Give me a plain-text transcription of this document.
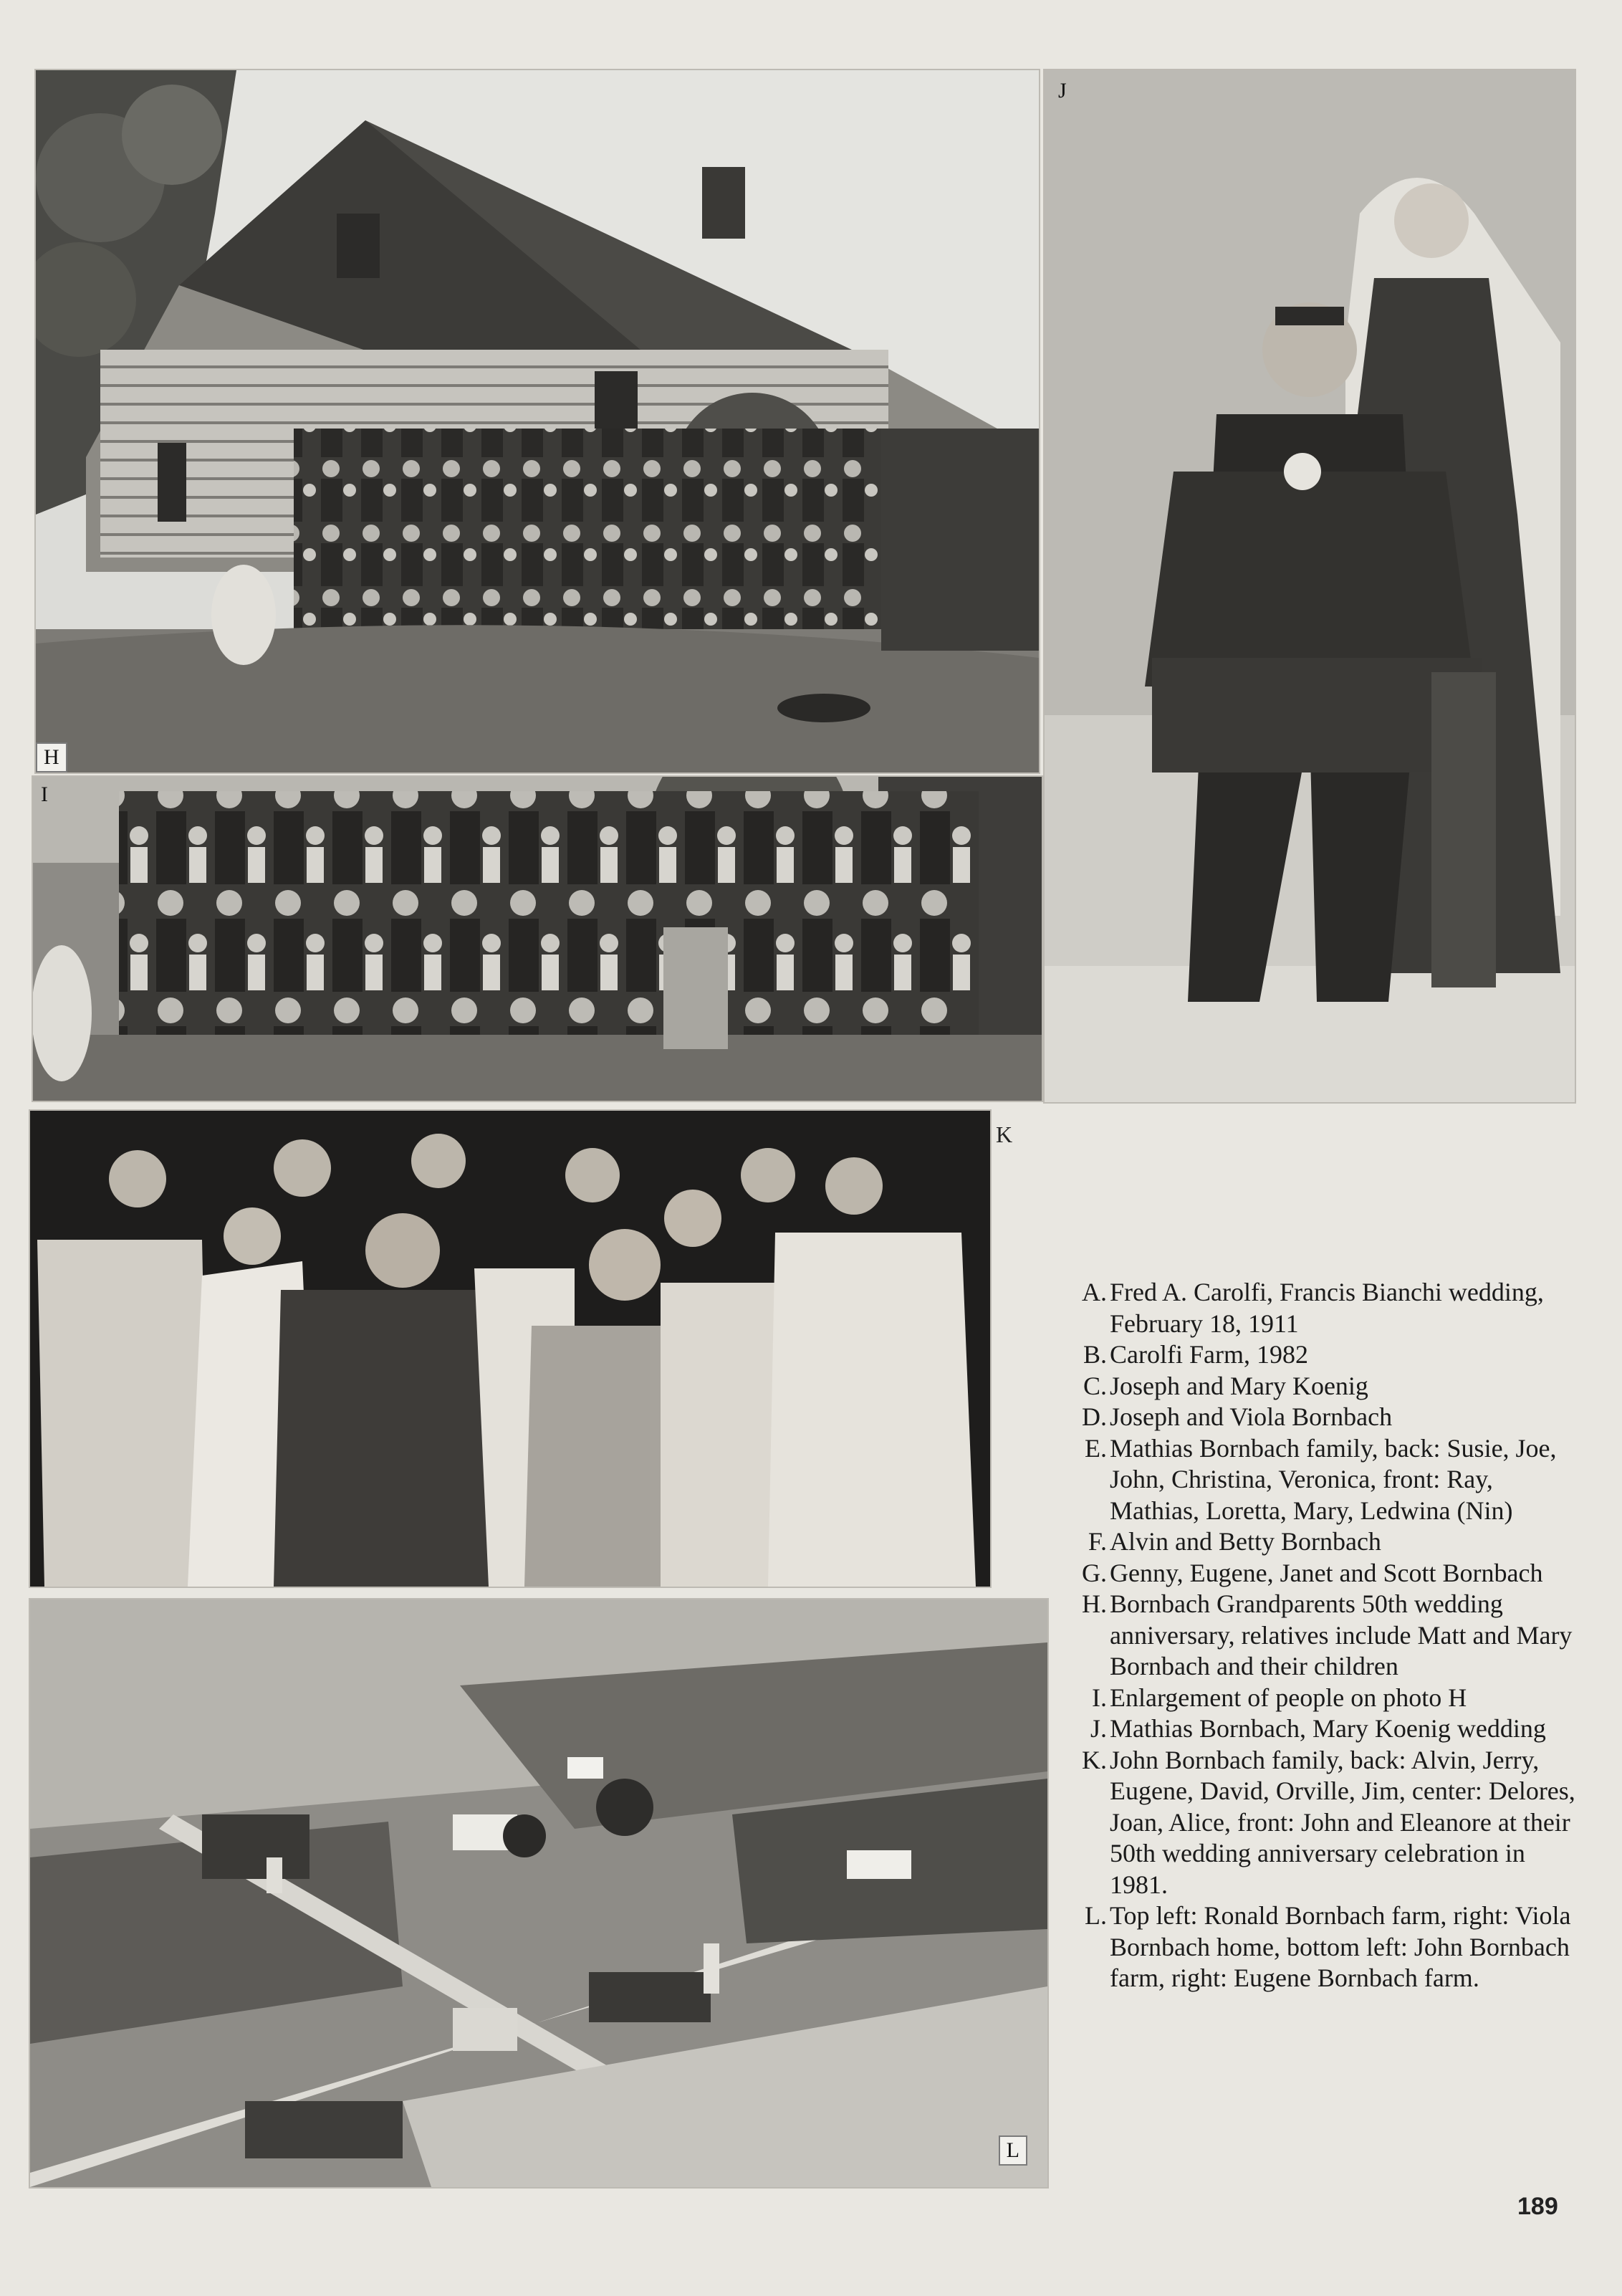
H
I
J
K
L
A. Fred A. Carolfi, Francis Bianchi wedding, February 18, 1911
B. Carolfi Farm, 1982
C. Joseph and Mary Koenig
D. Joseph and Viola Bornbach
E. Mathias Bornbach family, back: Susie, Joe, John, Christina, Veronica, front: Ray, Mathias, Loretta, Mary, Ledwina (Nin)
F. Alvin and Betty Bornbach
G. Genny, Eugene, Janet and Scott Bornbach
H. Bornbach Grandparents 50th wedding anniversary, relatives include Matt and Mary Bornbach and their children
I. Enlargement of people on photo H
J. Mathias Bornbach, Mary Koenig wedding
K. John Bornbach family, back: Alvin, Jerry, Eugene, David, Orville, Jim, center: Delores, Joan, Alice, front: John and Eleanore at their 50th wedding anniversary celebration in 1981.
L. Top left: Ronald Bornbach farm, right: Viola Bornbach home, bottom left: John Bornbach farm, right: Eugene Bornbach farm.
189
